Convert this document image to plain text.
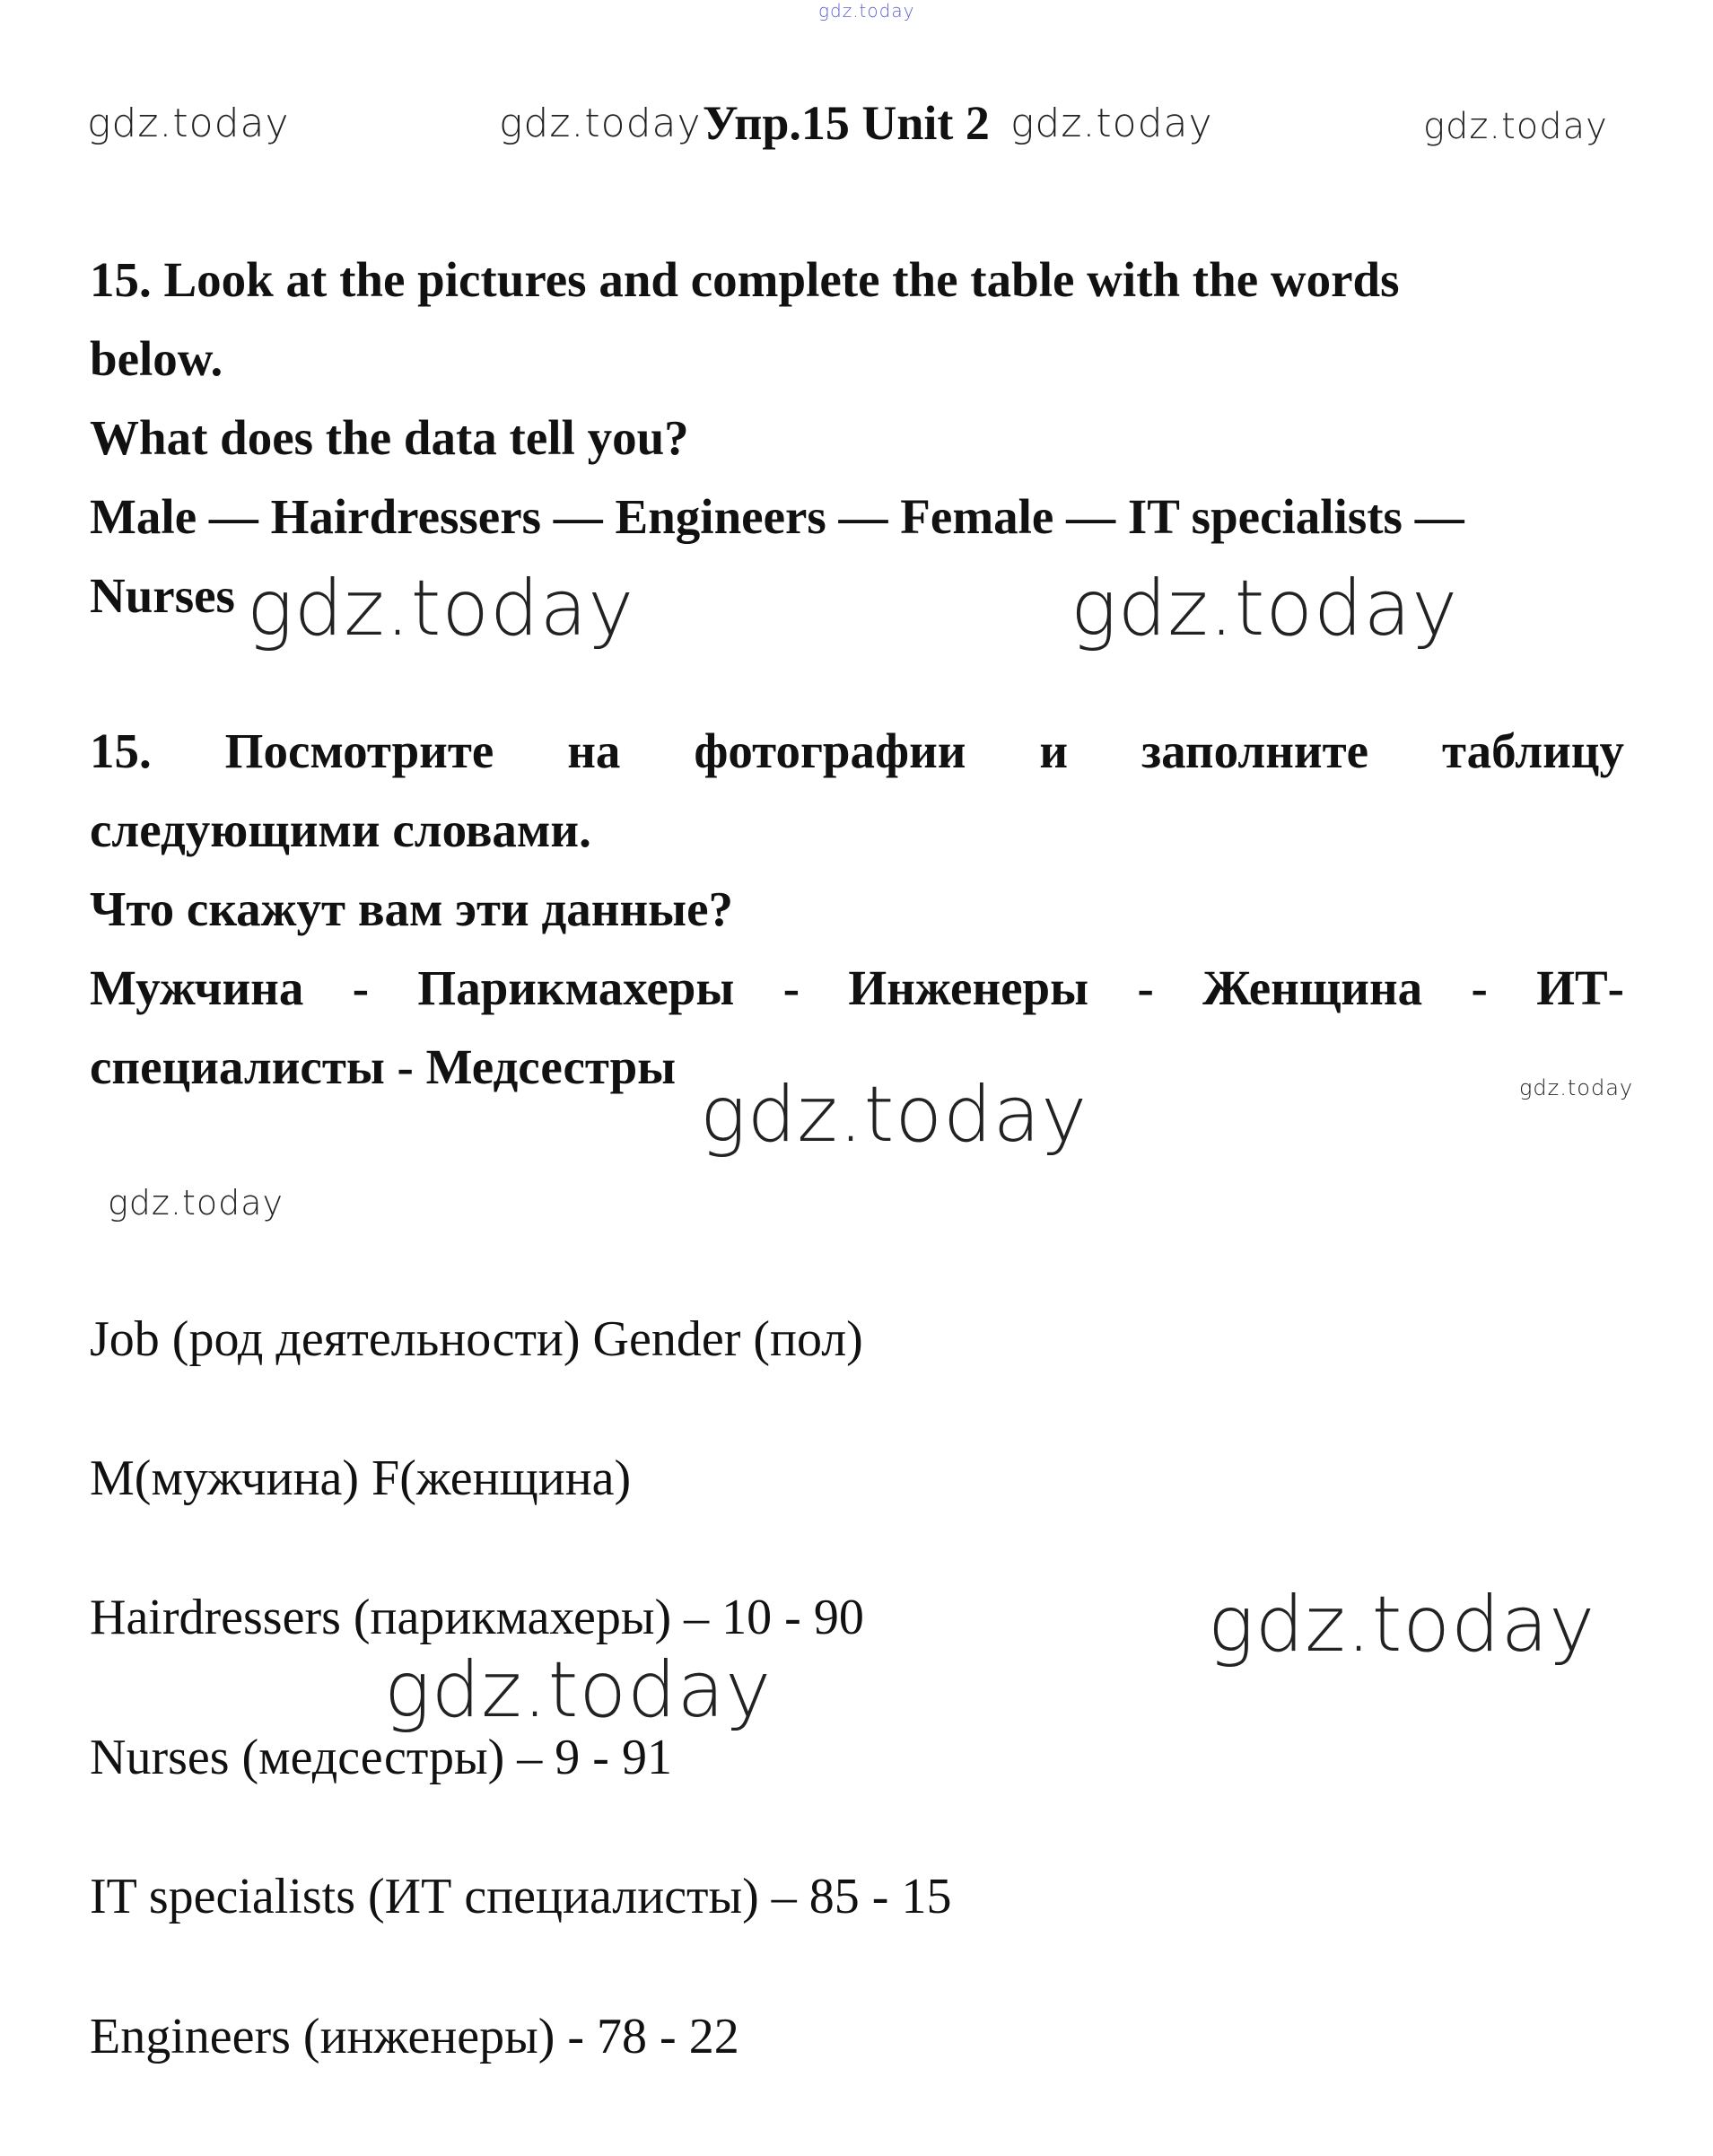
gdz.today
gdz.today	gdz.today	gdz.today	gdz.today
Упр.15 Unit 2

15. Look at the pictures and complete the table with the words

below.

What does the data tell you?

Male — Hairdressers — Engineers — Female — IT specialists —

Nurses gdz.today	gdz.today

15. Посмотрите на фотографии и заполните таблицу

следующими словами.

Что скажут вам эти данные?

Мужчина - Парикмахеры - Инженеры - Женщина - ИТ-

специалисты - Медсестры	gdz.today
gdz.today
gdz.today
Job (род деятельности) Gender (пол)
M(мужчина) F(женщина)
Hairdressers (парикмахеры) – 10 - 90	gdz.today
gdz.today
Nurses (медсестры) – 9 - 91
IT specialists (ИТ специалисты) – 85 - 15
Engineers (инженеры) - 78 - 22
